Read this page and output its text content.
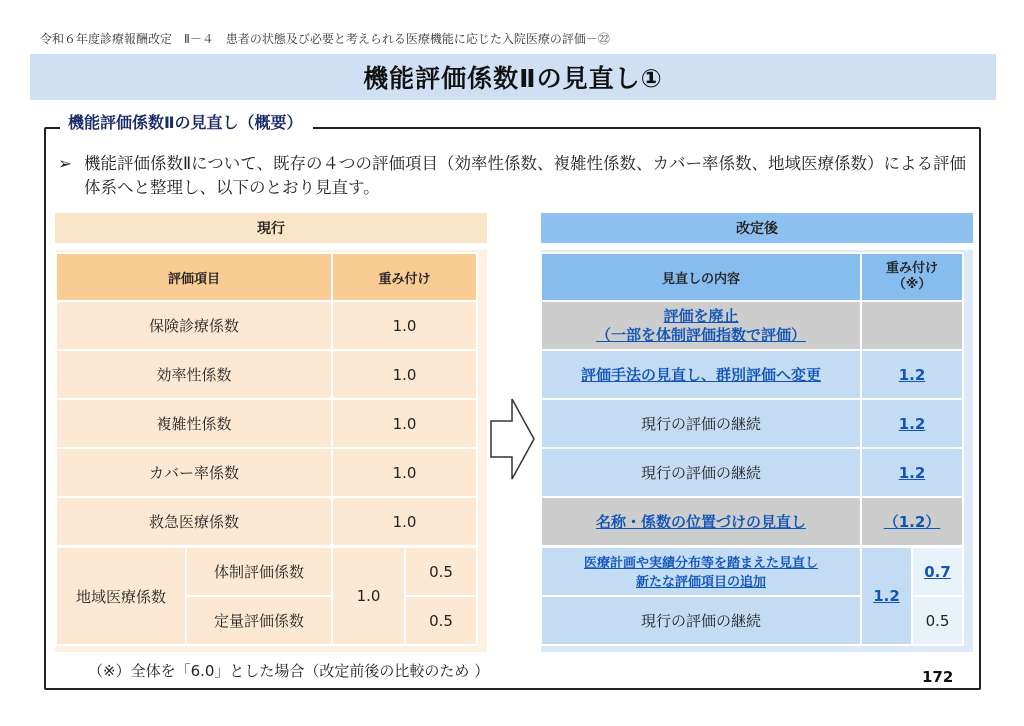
令和６年度診療報酬改定　Ⅱ－４　患者の状態及び必要と考えられる医療機能に応じた入院医療の評価－㉒
機能評価係数Ⅱの見直し①
機能評価係数Ⅱの見直し（概要）
➢ 機能評価係数Ⅱについて、既存の４つの評価項目（効率性係数、複雑性係数、カバー率係数、地域医療係数）による評価体系へと整理し、以下のとおり見直す。
現行
評価項目	重み付け
保険診療係数	1.0
効率性係数	1.0
複雑性係数	1.0
カバー率係数	1.0
救急医療係数	1.0
地域医療係数	体制評価係数	1.0	0.5
	定量評価係数		0.5
改定後
見直しの内容	重み付け
（※）
評価を廃止
（一部を体制評価指数で評価）	
評価手法の見直し、群別評価へ変更	1.2
現行の評価の継続	1.2
現行の評価の継続	1.2
名称・係数の位置づけの見直し	（1.2）
医療計画や実績分布等を踏まえた見直し
新たな評価項目の追加	1.2	0.7
現行の評価の継続		0.5
（※）全体を「6.0」とした場合（改定前後の比較のため ）	172
